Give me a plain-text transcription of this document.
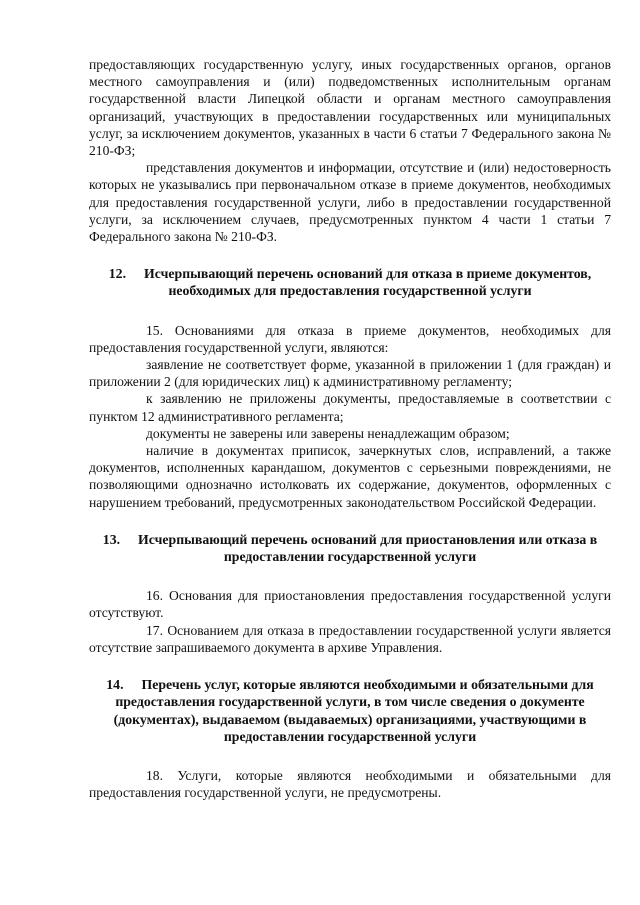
предоставляющих государственную услугу, иных государственных органов, органов местного самоуправления и (или) подведомственных исполнительным органам государственной власти Липецкой области и органам местного самоуправления организаций, участвующих в предоставлении государственных или муниципальных услуг, за исключением документов, указанных в части 6 статьи 7 Федерального закона № 210-ФЗ;

представления документов и информации, отсутствие и (или) недостоверность которых не указывались при первоначальном отказе в приеме документов, необходимых для предоставления государственной услуги, либо в предоставлении государственной услуги, за исключением случаев, предусмотренных пунктом 4 части 1 статьи 7 Федерального закона № 210-ФЗ.

12. Исчерпывающий перечень оснований для отказа в приеме документов, необходимых для предоставления государственной услуги

15. Основаниями для отказа в приеме документов, необходимых для предоставления государственной услуги, являются:

заявление не соответствует форме, указанной в приложении 1 (для граждан) и приложении 2 (для юридических лиц) к административному регламенту;

к заявлению не приложены документы, предоставляемые в соответствии с пунктом 12 административного регламента;

документы не заверены или заверены ненадлежащим образом;

наличие в документах приписок, зачеркнутых слов, исправлений, а также документов, исполненных карандашом, документов с серьезными повреждениями, не позволяющими однозначно истолковать их содержание, документов, оформленных с нарушением требований, предусмотренных законодательством Российской Федерации.

13. Исчерпывающий перечень оснований для приостановления или отказа в предоставлении государственной услуги

16. Основания для приостановления предоставления государственной услуги отсутствуют.

17. Основанием для отказа в предоставлении государственной услуги является отсутствие запрашиваемого документа в архиве Управления.

14. Перечень услуг, которые являются необходимыми и обязательными для предоставления государственной услуги, в том числе сведения о документе (документах), выдаваемом (выдаваемых) организациями, участвующими в предоставлении государственной услуги

18. Услуги, которые являются необходимыми и обязательными для предоставления государственной услуги, не предусмотрены.
